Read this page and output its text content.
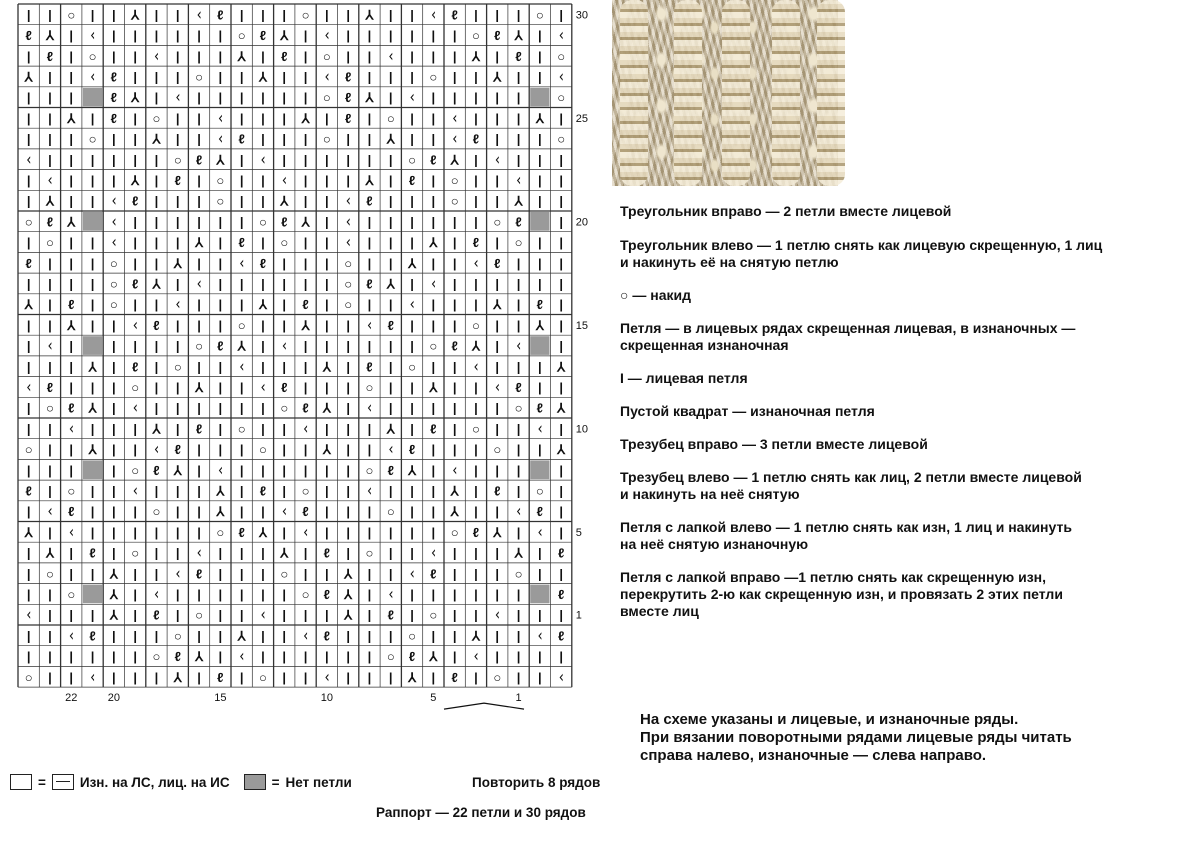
| | ○ | | ⅄ | | ᚲ ℓ | | | ○ | | ⅄ | | ᚲ ℓ | | | ○ |
ℓ ⅄ | ᚲ | | | | | | ○ ℓ ⅄ | ᚲ | | | | | | ○ ℓ ⅄ | ᚲ
| ℓ | ○ | | ᚲ | | | ⅄ | ℓ | ○ | | ᚲ | | | ⅄ | ℓ | ○
⅄ | | ᚲ ℓ | | | ○ | | ⅄ | | ᚲ ℓ | | | ○ | | ⅄ | | ᚲ
| | |	ℓ ⅄ | ᚲ | | | | | | ○ ℓ ⅄ | ᚲ | | | | |	○
| | ⅄ | ℓ | ○ | | ᚲ | | | ⅄ | ℓ | ○ | | ᚲ | | | ⅄ |
| | | ○ | | ⅄ | | ᚲ ℓ | | | ○ | | ⅄ | | ᚲ ℓ | | | ○
ᚲ | | | | | | ○ ℓ ⅄ | ᚲ | | | | | | ○ ℓ ⅄ | ᚲ | | |
| ᚲ | | | ⅄ | ℓ | ○ | | ᚲ | | | ⅄ | ℓ | ○ | | ᚲ | |
| ⅄ | | ᚲ ℓ | | | ○ | | ⅄ | | ᚲ ℓ | | | ○ | | ⅄ | |
○ ℓ ⅄	ᚲ | | | | | | ○ ℓ ⅄ | ᚲ | | | | | | ○ ℓ	|
| ○ | | ᚲ | | | ⅄ | ℓ | ○ | | ᚲ | | | ⅄ | ℓ | ○ | |
ℓ | | | ○ | | ⅄ | | ᚲ ℓ | | | ○ | | ⅄ | | ᚲ ℓ | | |
| | | | ○ ℓ ⅄ | ᚲ | | | | | | ○ ℓ ⅄ | ᚲ | | | | | |
⅄ | ℓ | ○ | | ᚲ | | | ⅄ | ℓ | ○ | | ᚲ | | | ⅄ | ℓ |
| | ⅄ | | ᚲ ℓ | | | ○ | | ⅄ | | ᚲ ℓ | | | ○ | | ⅄ |
| ᚲ |	| | | | ○ ℓ ⅄ | ᚲ | | | | | | ○ ℓ ⅄ | ᚲ	|
| | | ⅄ | ℓ | ○ | | ᚲ | | | ⅄ | ℓ | ○ | | ᚲ | | | ⅄
ᚲ ℓ | | | ○ | | ⅄ | | ᚲ ℓ | | | ○ | | ⅄ | | ᚲ ℓ | |
| ○ ℓ ⅄ | ᚲ | | | | | | ○ ℓ ⅄ | ᚲ | | | | | | ○ ℓ ⅄
| | ᚲ | | | ⅄ | ℓ | ○ | | ᚲ | | | ⅄ | ℓ | ○ | | ᚲ |
○ | | ⅄ | | ᚲ ℓ | | | ○ | | ⅄ | | ᚲ ℓ | | | ○ | | ⅄
| | |	| ○ ℓ ⅄ | ᚲ | | | | | | ○ ℓ ⅄ | ᚲ | | |	|
ℓ | ○ | | ᚲ | | | ⅄ | ℓ | ○ | | ᚲ | | | ⅄ | ℓ | ○ |
| ᚲ ℓ | | | ○ | | ⅄ | | ᚲ ℓ | | | ○ | | ⅄ | | ᚲ ℓ |
⅄ | ᚲ | | | | | | ○ ℓ ⅄ | ᚲ | | | | | | ○ ℓ ⅄ | ᚲ |
| ⅄ | ℓ | ○ | | ᚲ | | | ⅄ | ℓ | ○ | | ᚲ | | | ⅄ | ℓ
| ○ | | ⅄ | | ᚲ ℓ | | | ○ | | ⅄ | | ᚲ ℓ | | | ○ | |
| | ○	⅄ | ᚲ | | | | | | ○ ℓ ⅄ | ᚲ | | | | | |	ℓ
ᚲ | | | ⅄ | ℓ | ○ | | ᚲ | | | ⅄ | ℓ | ○ | | ᚲ | | |
| | ᚲ ℓ | | | ○ | | ⅄ | | ᚲ ℓ | | | ○ | | ⅄ | | ᚲ ℓ
| | | | | | ○ ℓ ⅄ | ᚲ | | | | | | ○ ℓ ⅄ | ᚲ | | | |
○ | | ᚲ | | | ⅄ | ℓ | ○ | | ᚲ | | | ⅄ | ℓ | ○ | | ᚲ
30
25
20
15
10
5
1
22	20	15	10	5	1

Треугольник вправо — 2 петли вместе лицевой

Треугольник влево — 1 петлю снять как лицевую скрещенную, 1 лиц
и накинуть её на снятую петлю

○ — накид

Петля — в лицевых рядах скрещенная лицевая, в изнаночных —
скрещенная изнаночная

I — лицевая петля

Пустой квадрат — изнаночная петля

Трезубец вправо — 3 петли вместе лицевой

Трезубец влево — 1 петлю снять как лиц, 2 петли вместе лицевой
и накинуть на неё снятую

Петля с лапкой влево — 1 петлю снять как изн, 1 лиц и накинуть
на неё снятую изнаночную

Петля с лапкой вправо —1 петлю снять как скрещенную изн,
перекрутить 2-ю как скрещенную изн, и провязать 2 этих петли
вместе лиц

На схеме указаны и лицевые, и изнаночные ряды.
При вязании поворотными рядами лицевые ряды читать
справа налево, изнаночные — слева направо.
=	Изн. на ЛС, лиц. на ИС	= Нет петли	Повторить 8 рядов
Раппорт — 22 петли и 30 рядов
